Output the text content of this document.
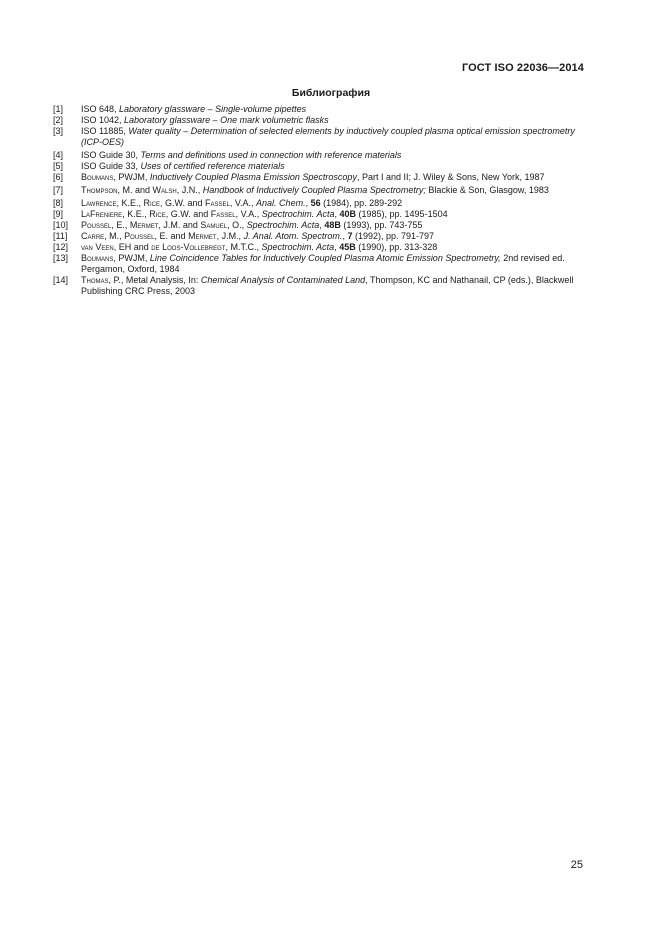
ГОСТ ISO 22036—2014
Библиография
[1] ISO 648, Laboratory glassware – Single-volume pipettes
[2] ISO 1042, Laboratory glassware – One mark volumetric flasks
[3] ISO 11885, Water quality – Determination of selected elements by inductively coupled plasma optical emission spectrometry (ICP-OES)
[4] ISO Guide 30, Terms and definitions used in connection with reference materials
[5] ISO Guide 33, Uses of certified reference materials
[6] Boumans, PWJM, Inductively Coupled Plasma Emission Spectroscopy, Part I and II; J. Wiley & Sons, New York, 1987
[7] Thompson, M. and Walsh, J.N., Handbook of Inductively Coupled Plasma Spectrometry; Blackie & Son, Glasgow, 1983
[8] Lawrence, K.E., Rice, G.W. and Fassel, V.A., Anal. Chem., 56 (1984), pp. 289-292
[9] LaFreniere, K.E., Rice, G.W. and Fassel, V.A., Spectrochim. Acta, 40B (1985), pp. 1495-1504
[10] Poussel, E., Mermet, J.M. and Samuel, O., Spectrochim. Acta, 48B (1993), pp. 743-755
[11] Carre, M., Poussel, E. and Mermet, J.M., J. Anal. Atom. Spectrom., 7 (1992), pp. 791-797
[12] van Veen, EH and de Loos-Vollebregt, M.T.C., Spectrochim. Acta, 45B (1990), pp. 313-328
[13] Boumans, PWJM, Line Coincidence Tables for Inductively Coupled Plasma Atomic Emission Spectrometry, 2nd revised ed. Pergamon, Oxford, 1984
[14] Thomas, P., Metal Analysis, In: Chemical Analysis of Contaminated Land, Thompson, KC and Nathanail, CP (eds.), Blackwell Publishing CRC Press, 2003
25
